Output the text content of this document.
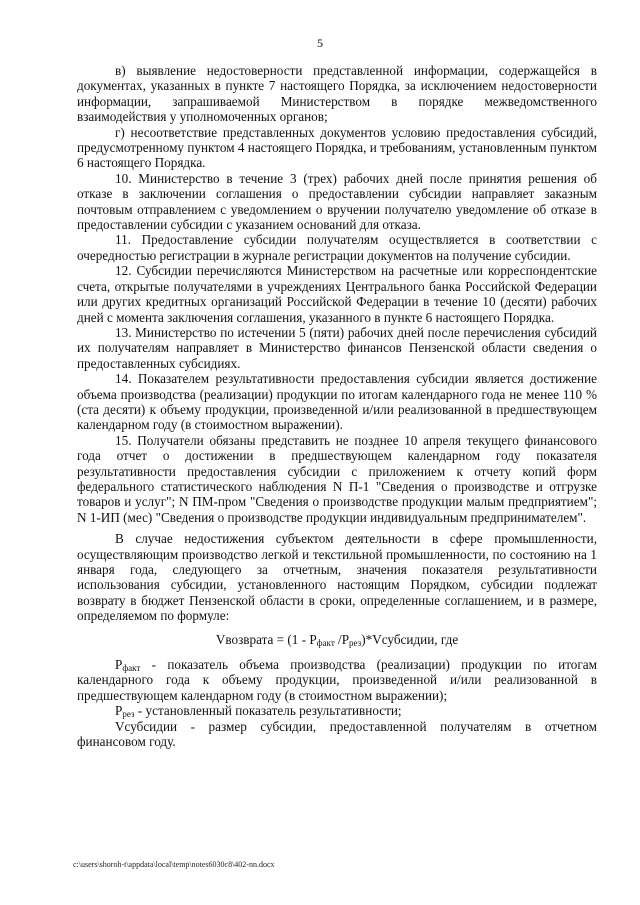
5

в) выявление недостоверности представленной информации, содержащейся в документах, указанных в пункте 7 настоящего Порядка, за исключением недостоверности информации, запрашиваемой Министерством в порядке межведомственного взаимодействия у уполномоченных органов;

г) несоответствие представленных документов условию предоставления субсидий, предусмотренному пунктом 4 настоящего Порядка, и требованиям, установленным пунктом 6 настоящего Порядка.

10. Министерство в течение 3 (трех) рабочих дней после принятия решения об отказе в заключении соглашения о предоставлении субсидии направляет заказным почтовым отправлением с уведомлением о вручении получателю уведомление об отказе в предоставлении субсидии с указанием оснований для отказа.

11. Предоставление субсидии получателям осуществляется в соответствии с очередностью регистрации в журнале регистрации документов на получение субсидии.

12. Субсидии перечисляются Министерством на расчетные или корреспондентские счета, открытые получателями в учреждениях Центрального банка Российской Федерации или других кредитных организаций Российской Федерации в течение 10 (десяти) рабочих дней с момента заключения соглашения, указанного в пункте 6 настоящего Порядка.

13. Министерство по истечении 5 (пяти) рабочих дней после перечисления субсидий их получателям направляет в Министерство финансов Пензенской области сведения о предоставленных субсидиях.

14. Показателем результативности предоставления субсидии является достижение объема производства (реализации) продукции по итогам календарного года не менее 110 % (ста десяти) к объему продукции, произведенной и/или реализованной в предшествующем календарном году (в стоимостном выражении).

15. Получатели обязаны представить не позднее 10 апреля текущего финансового года отчет о достижении в предшествующем календарном году показателя результативности предоставления субсидии с приложением к отчету копий форм федерального статистического наблюдения N П-1 "Сведения о производстве и отгрузке товаров и услуг"; N ПМ-пром "Сведения о производстве продукции малым предприятием"; N 1-ИП (мес) "Сведения о производстве продукции индивидуальным предпринимателем".

В случае недостижения субъектом деятельности в сфере промышленности, осуществляющим производство легкой и текстильной промышленности, по состоянию на 1 января года, следующего за отчетным, значения показателя результативности использования субсидии, установленного настоящим Порядком, субсидии подлежат возврату в бюджет Пензенской области в сроки, определенные соглашением, и в размере, определяемом по формуле:

Vвозврата = ($1 - P_{факт}$ $/P_{рез})*Vсубсидии$, где

$P_{факт}$ - показатель объема производства (реализации) продукции по итогам календарного года к объему продукции, произведенной и/или реализованной в предшествующем календарном году (в стоимостном выражении);

$P_{рез}$ - установленный показатель результативности;

Vсубсидии - размер субсидии, предоставленной получателям в отчетном финансовом году.

c:\users\shoroh-t\appdata\local\temp\notes6030c8\402-nn.docx
